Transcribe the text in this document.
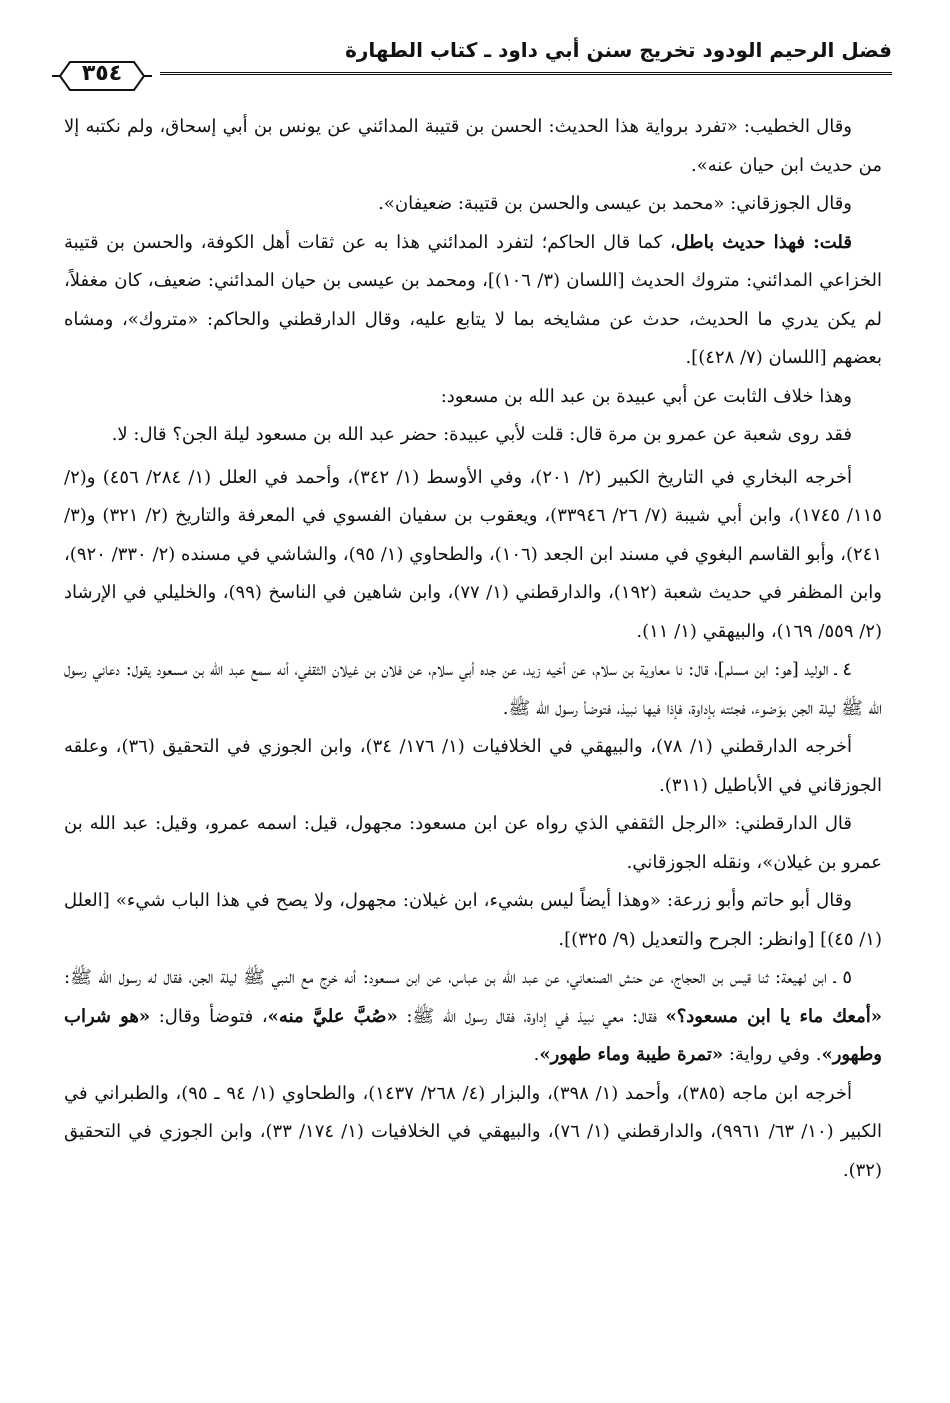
فضل الرحيم الودود تخريج سنن أبي داود ـ كتاب الطهارة
٣٥٤

وقال الخطيب: «تفرد برواية هذا الحديث: الحسن بن قتيبة المدائني عن يونس بن أبي إسحاق، ولم نكتبه إلا من حديث ابن حيان عنه».

وقال الجوزقاني: «محمد بن عيسى والحسن بن قتيبة: ضعيفان».

قلت: فهذا حديث باطل، كما قال الحاكم؛ لتفرد المدائني هذا به عن ثقات أهل الكوفة، والحسن بن قتيبة الخزاعي المدائني: متروك الحديث [اللسان (٣/ ١٠٦)]، ومحمد بن عيسى بن حيان المدائني: ضعيف، كان مغفلاً، لم يكن يدري ما الحديث، حدث عن مشايخه بما لا يتابع عليه، وقال الدارقطني والحاكم: «متروك»، ومشاه بعضهم [اللسان (٧/ ٤٢٨)].

وهذا خلاف الثابت عن أبي عبيدة بن عبد الله بن مسعود:

فقد روى شعبة عن عمرو بن مرة قال: قلت لأبي عبيدة: حضر عبد الله بن مسعود ليلة الجن؟ قال: لا.

أخرجه البخاري في التاريخ الكبير (٢/ ٢٠١)، وفي الأوسط (١/ ٣٤٢)، وأحمد في العلل (١/ ٢٨٤/ ٤٥٦) و(٢/ ١١٥/ ١٧٤٥)، وابن أبي شيبة (٧/ ٢٦/ ٣٣٩٤٦)، ويعقوب بن سفيان الفسوي في المعرفة والتاريخ (٢/ ٣٢١) و(٣/ ٢٤١)، وأبو القاسم البغوي في مسند ابن الجعد (١٠٦)، والطحاوي (١/ ٩٥)، والشاشي في مسنده (٢/ ٣٣٠/ ٩٢٠)، وابن المظفر في حديث شعبة (١٩٢)، والدارقطني (١/ ٧٧)، وابن شاهين في الناسخ (٩٩)، والخليلي في الإرشاد (٢/ ٥٥٩/ ١٦٩)، والبيهقي (١/ ١١).

٤ ـ الوليد [هو: ابن مسلم]، قال: نا معاوية بن سلام، عن أخيه زيد، عن جده أبي سلام، عن فلان بن غيلان الثقفي، أنه سمع عبد الله بن مسعود يقول: دعاني رسول الله ﷺ ليلة الجن بوَضوء، فجئته بإداوة، فإذا فيها نبيذ، فتوضأ رسول الله ﷺ.

أخرجه الدارقطني (١/ ٧٨)، والبيهقي في الخلافيات (١/ ١٧٦/ ٣٤)، وابن الجوزي في التحقيق (٣٦)، وعلقه الجوزقاني في الأباطيل (٣١١).

قال الدارقطني: «الرجل الثقفي الذي رواه عن ابن مسعود: مجهول، قيل: اسمه عمرو، وقيل: عبد الله بن عمرو بن غيلان»، ونقله الجوزقاني.

وقال أبو حاتم وأبو زرعة: «وهذا أيضاً ليس بشيء، ابن غيلان: مجهول، ولا يصح في هذا الباب شيء» [العلل (١/ ٤٥)] [وانظر: الجرح والتعديل (٩/ ٣٢٥)].

٥ ـ ابن لهيعة: ثنا قيس بن الحجاج، عن حنش الصنعاني، عن عبد الله بن عباس، عن ابن مسعود: أنه خرج مع النبي ﷺ ليلة الجن، فقال له رسول الله ﷺ: «أمعك ماء يا ابن مسعود؟» فقال: معي نبيذ في إداوة، فقال رسول الله ﷺ: «صُبَّ عليَّ منه»، فتوضأ وقال: «هو شراب وطهور». وفي رواية: «تمرة طيبة وماء طهور».

أخرجه ابن ماجه (٣٨٥)، وأحمد (١/ ٣٩٨)، والبزار (٤/ ٢٦٨/ ١٤٣٧)، والطحاوي (١/ ٩٤ ـ ٩٥)، والطبراني في الكبير (١٠/ ٦٣/ ٩٩٦١)، والدارقطني (١/ ٧٦)، والبيهقي في الخلافيات (١/ ١٧٤/ ٣٣)، وابن الجوزي في التحقيق (٣٢).
